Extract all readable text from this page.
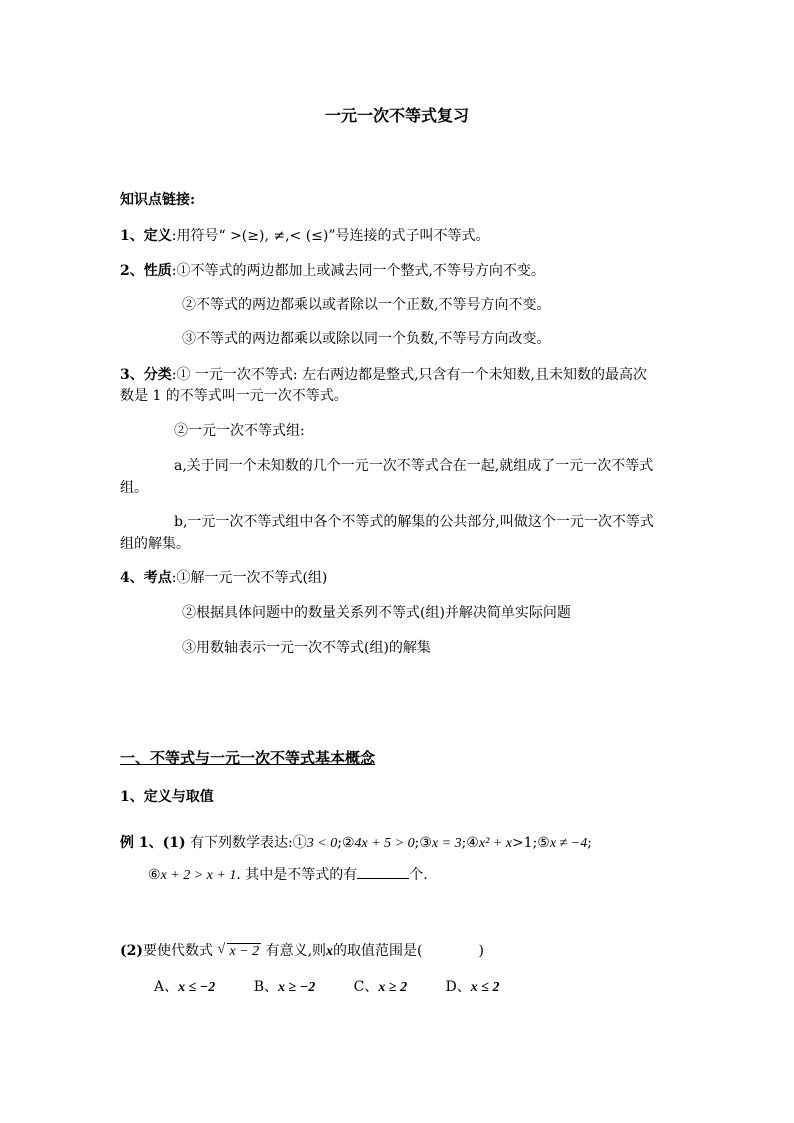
一元一次不等式复习
知识点链接:
1、定义:用符号“ >(≥), ≠,< (≤)”号连接的式子叫不等式。
2、性质:①不等式的两边都加上或减去同一个整式,不等号方向不变。
②不等式的两边都乘以或者除以一个正数,不等号方向不变。
③不等式的两边都乘以或除以同一个负数,不等号方向改变。
3、分类:① 一元一次不等式: 左右两边都是整式,只含有一个未知数,且未知数的最高次
数是 1 的不等式叫一元一次不等式。
②一元一次不等式组:
a,关于同一个未知数的几个一元一次不等式合在一起,就组成了一元一次不等式
组。
b,一元一次不等式组中各个不等式的解集的公共部分,叫做这个一元一次不等式
组的解集。
4、考点:①解一元一次不等式(组)
②根据具体问题中的数量关系列不等式(组)并解决简单实际问题
③用数轴表示一元一次不等式(组)的解集
一、不等式与一元一次不等式基本概念
1、定义与取值
例 1、(1) 有下列数学表达:①3 < 0;②4x + 5 > 0;③x = 3;④x² + x>1;⑤x ≠ −4;
⑥x + 2 > x + 1. 其中是不等式的有	个.
(2)要使代数式 √ x − 2 有意义,则x的取值范围是(	)
A、x ≤ −2	B、x ≥ −2	C、x ≥ 2	D、x ≤ 2
